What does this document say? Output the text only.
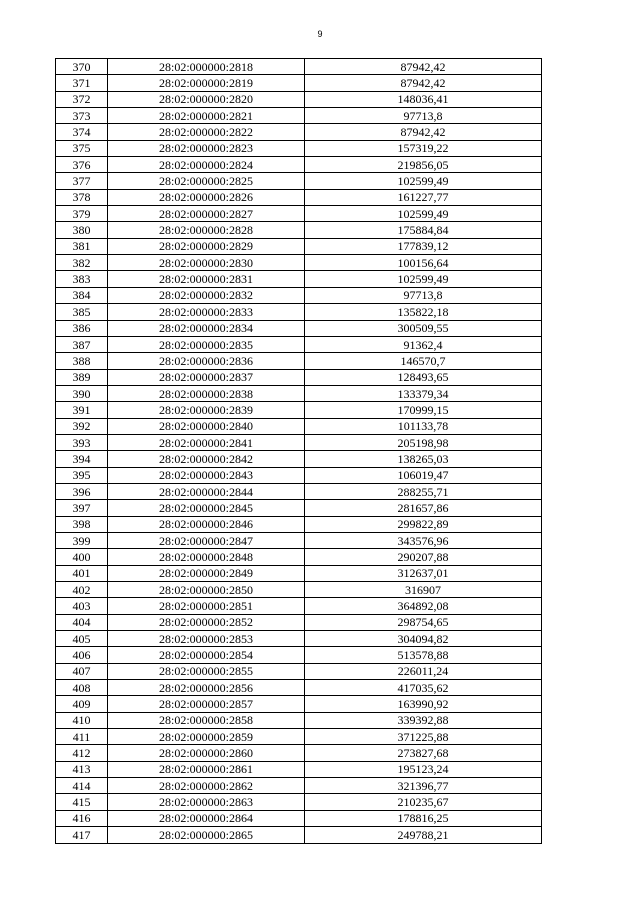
9
370	28:02:000000:2818	87942,42
371	28:02:000000:2819	87942,42
372	28:02:000000:2820	148036,41
373	28:02:000000:2821	97713,8
374	28:02:000000:2822	87942,42
375	28:02:000000:2823	157319,22
376	28:02:000000:2824	219856,05
377	28:02:000000:2825	102599,49
378	28:02:000000:2826	161227,77
379	28:02:000000:2827	102599,49
380	28:02:000000:2828	175884,84
381	28:02:000000:2829	177839,12
382	28:02:000000:2830	100156,64
383	28:02:000000:2831	102599,49
384	28:02:000000:2832	97713,8
385	28:02:000000:2833	135822,18
386	28:02:000000:2834	300509,55
387	28:02:000000:2835	91362,4
388	28:02:000000:2836	146570,7
389	28:02:000000:2837	128493,65
390	28:02:000000:2838	133379,34
391	28:02:000000:2839	170999,15
392	28:02:000000:2840	101133,78
393	28:02:000000:2841	205198,98
394	28:02:000000:2842	138265,03
395	28:02:000000:2843	106019,47
396	28:02:000000:2844	288255,71
397	28:02:000000:2845	281657,86
398	28:02:000000:2846	299822,89
399	28:02:000000:2847	343576,96
400	28:02:000000:2848	290207,88
401	28:02:000000:2849	312637,01
402	28:02:000000:2850	316907
403	28:02:000000:2851	364892,08
404	28:02:000000:2852	298754,65
405	28:02:000000:2853	304094,82
406	28:02:000000:2854	513578,88
407	28:02:000000:2855	226011,24
408	28:02:000000:2856	417035,62
409	28:02:000000:2857	163990,92
410	28:02:000000:2858	339392,88
411	28:02:000000:2859	371225,88
412	28:02:000000:2860	273827,68
413	28:02:000000:2861	195123,24
414	28:02:000000:2862	321396,77
415	28:02:000000:2863	210235,67
416	28:02:000000:2864	178816,25
417	28:02:000000:2865	249788,21
